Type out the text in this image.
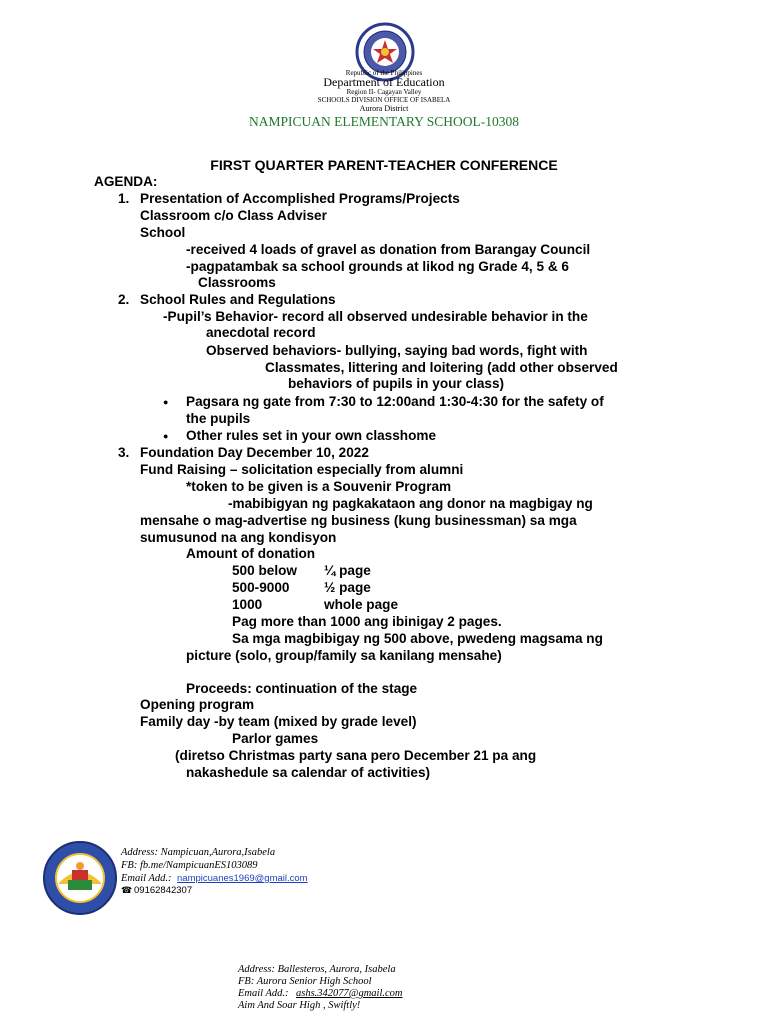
Republic of the Philippines
Department of Education
Region II- Cagayan Valley
SCHOOLS DIVISION OFFICE OF ISABELA
Aurora District
NAMPICUAN ELEMENTARY SCHOOL-10308
FIRST QUARTER PARENT-TEACHER CONFERENCE
AGENDA:
1. Presentation of Accomplished Programs/Projects
Classroom c/o Class Adviser
School
-received 4 loads of gravel as donation from Barangay Council
-pagpatambak sa school grounds at likod ng Grade 4, 5 & 6
Classrooms
2. School Rules and Regulations
-Pupil’s Behavior- record all observed undesirable behavior in the
anecdotal record
Observed behaviors- bullying, saying bad words, fight with
Classmates, littering and loitering (add other observed
behaviors of pupils in your class)
● Pagsara ng gate from 7:30 to 12:00and 1:30-4:30 for the safety of
the pupils
● Other rules set in your own classhome
3. Foundation Day December 10, 2022
Fund Raising – solicitation especially from alumni
*token to be given is a Souvenir Program
-mabibigyan ng pagkakataon ang donor na magbigay ng
mensahe o mag-advertise ng business (kung businessman) sa mga
sumusunod na ang kondisyon
Amount of donation
500 below ¼ page
500-9000	½ page
1000	whole page
Pag more than 1000 ang ibinigay 2 pages.
Sa mga magbibigay ng 500 above, pwedeng magsama ng
picture (solo, group/family sa kanilang mensahe)
Proceeds: continuation of the stage
Opening program
Family day -by team (mixed by grade level)
Parlor games
(diretso Christmas party sana pero December 21 pa ang
nakashedule sa calendar of activities)
Address: Nampicuan,Aurora,Isabela
FB: fb.me/NampicuanES103089
Email Add.: nampicuanes1969@gmail.com
☎ 09162842307
Address: Ballesteros, Aurora, Isabela
FB: Aurora Senior High School
Email Add.: ashs.342077@gmail.com
Aim And Soar High , Swiftly!
